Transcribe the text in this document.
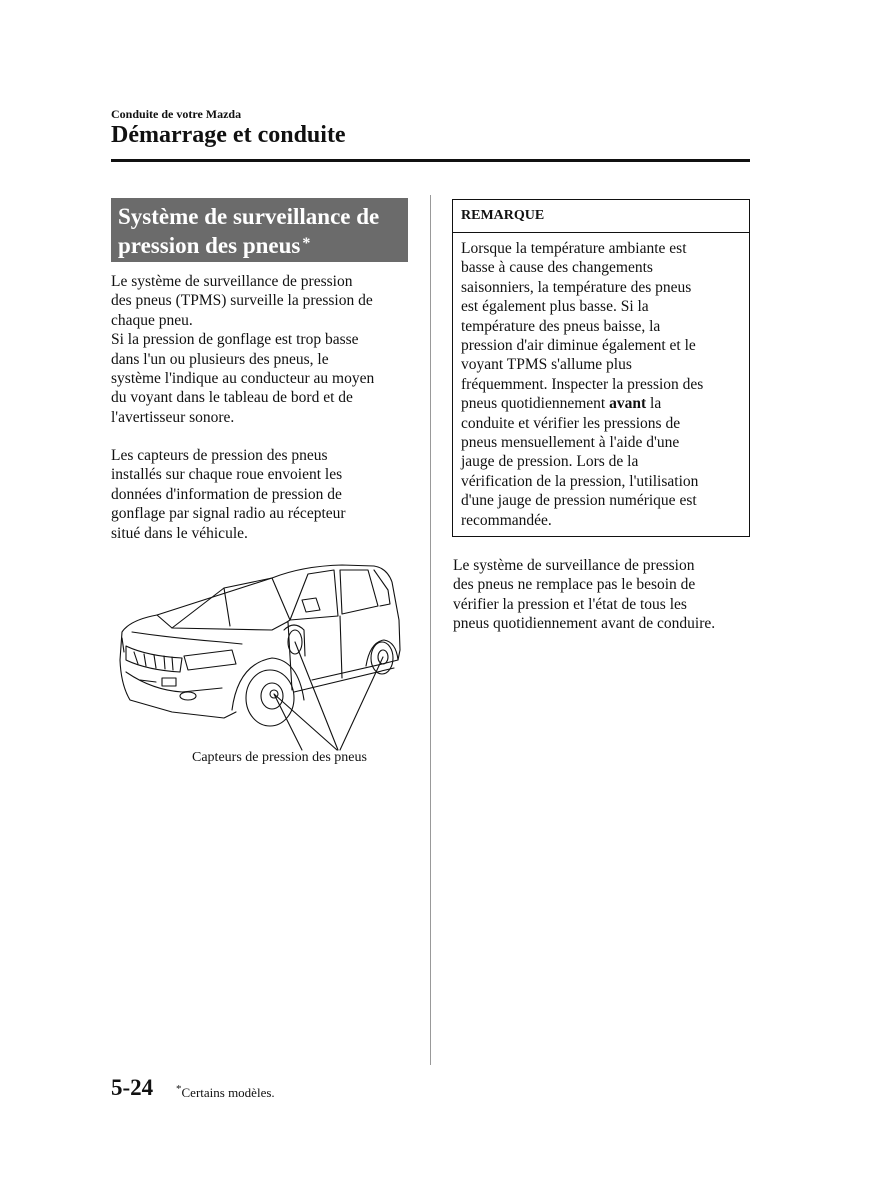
Conduite de votre Mazda
Démarrage et conduite
Système de surveillance de
pression des pneus *

Le système de surveillance de pression
des pneus (TPMS) surveille la pression de
chaque pneu.
Si la pression de gonflage est trop basse
dans l'un ou plusieurs des pneus, le
système l'indique au conducteur au moyen
du voyant dans le tableau de bord et de
l'avertisseur sonore.

Les capteurs de pression des pneus
installés sur chaque roue envoient les
données d'information de pression de
gonflage par signal radio au récepteur
situé dans le véhicule.

Capteurs de pression des pneus
REMARQUE

Lorsque la température ambiante est
basse à cause des changements
saisonniers, la température des pneus
est également plus basse. Si la
température des pneus baisse, la
pression d'air diminue également et le
voyant TPMS s'allume plus
fréquemment. Inspecter la pression des
pneus quotidiennement avant la
conduite et vérifier les pressions de
pneus mensuellement à l'aide d'une
jauge de pression. Lors de la
vérification de la pression, l'utilisation
d'une jauge de pression numérique est
recommandée.

Le système de surveillance de pression
des pneus ne remplace pas le besoin de
vérifier la pression et l'état de tous les
pneus quotidiennement avant de conduire.

5-24 *Certains modèles.
